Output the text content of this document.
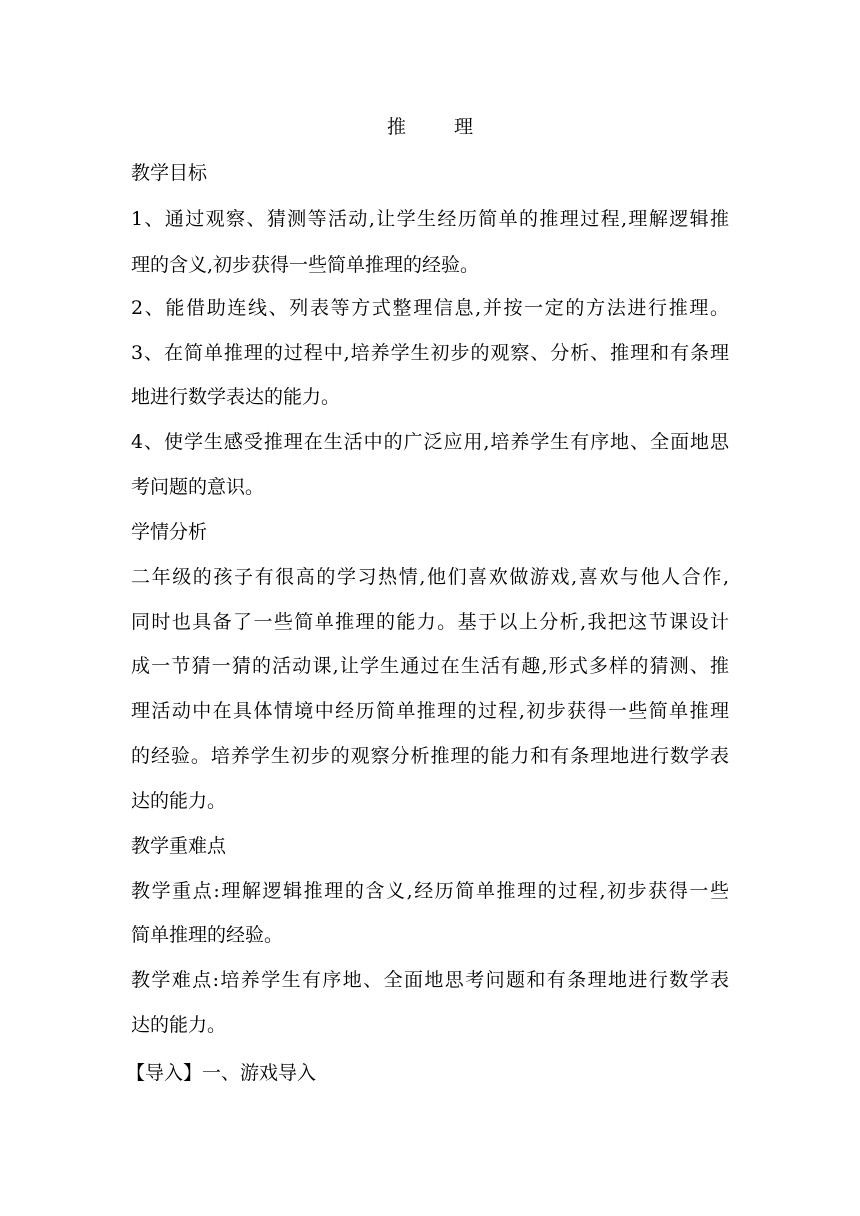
推	理
教学目标
1、通过观察、猜测等活动,让学生经历简单的推理过程,理解逻辑推
理的含义,初步获得一些简单推理的经验。
2、能借助连线、列表等方式整理信息,并按一定的方法进行推理。
3、在简单推理的过程中,培养学生初步的观察、分析、推理和有条理
地进行数学表达的能力。
4、使学生感受推理在生活中的广泛应用,培养学生有序地、全面地思
考问题的意识。
学情分析
二年级的孩子有很高的学习热情,他们喜欢做游戏,喜欢与他人合作,
同时也具备了一些简单推理的能力。基于以上分析,我把这节课设计
成一节猜一猜的活动课,让学生通过在生活有趣,形式多样的猜测、推
理活动中在具体情境中经历简单推理的过程,初步获得一些简单推理
的经验。培养学生初步的观察分析推理的能力和有条理地进行数学表
达的能力。
教学重难点
教学重点:理解逻辑推理的含义,经历简单推理的过程,初步获得一些
简单推理的经验。
教学难点:培养学生有序地、全面地思考问题和有条理地进行数学表
达的能力。
【导入】一、游戏导入
